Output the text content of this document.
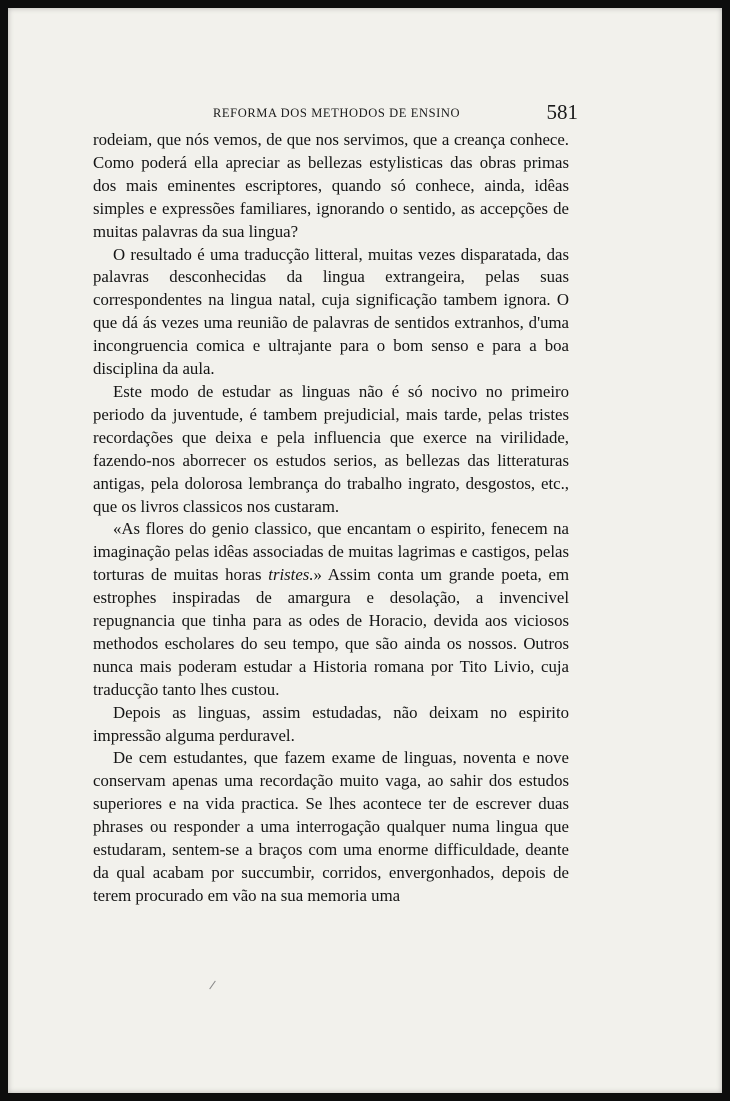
REFORMA DOS METHODOS DE ENSINO	581

rodeiam, que nós vemos, de que nos servimos, que a creança conhece. Como poderá ella apreciar as bellezas estylisticas das obras primas dos mais eminentes escriptores, quando só conhece, ainda, idêas simples e expressões familiares, ignorando o sentido, as accepções de muitas palavras da sua lingua?

O resultado é uma traducção litteral, muitas vezes disparatada, das palavras desconhecidas da lingua extrangeira, pelas suas correspondentes na lingua natal, cuja significação tambem ignora. O que dá ás vezes uma reunião de palavras de sentidos extranhos, d'uma incongruencia comica e ultrajante para o bom senso e para a boa disciplina da aula.

Este modo de estudar as linguas não é só nocivo no primeiro periodo da juventude, é tambem prejudicial, mais tarde, pelas tristes recordações que deixa e pela influencia que exerce na virilidade, fazendo-nos aborrecer os estudos serios, as bellezas das litteraturas antigas, pela dolorosa lembrança do trabalho ingrato, desgostos, etc., que os livros classicos nos custaram.

«As flores do genio classico, que encantam o espirito, fenecem na imaginação pelas idêas associadas de muitas lagrimas e castigos, pelas torturas de muitas horas tristes.» Assim conta um grande poeta, em estrophes inspiradas de amargura e desolação, a invencivel repugnancia que tinha para as odes de Horacio, devida aos viciosos methodos escholares do seu tempo, que são ainda os nossos. Outros nunca mais poderam estudar a Historia romana por Tito Livio, cuja traducção tanto lhes custou.

Depois as linguas, assim estudadas, não deixam no espirito impressão alguma perduravel.

De cem estudantes, que fazem exame de linguas, noventa e nove conservam apenas uma recordação muito vaga, ao sahir dos estudos superiores e na vida practica. Se lhes acontece ter de escrever duas phrases ou responder a uma interrogação qualquer numa lingua que estudaram, sentem-se a braços com uma enorme difficuldade, deante da qual acabam por succumbir, corridos, envergonhados, depois de terem procurado em vão na sua memoria uma
